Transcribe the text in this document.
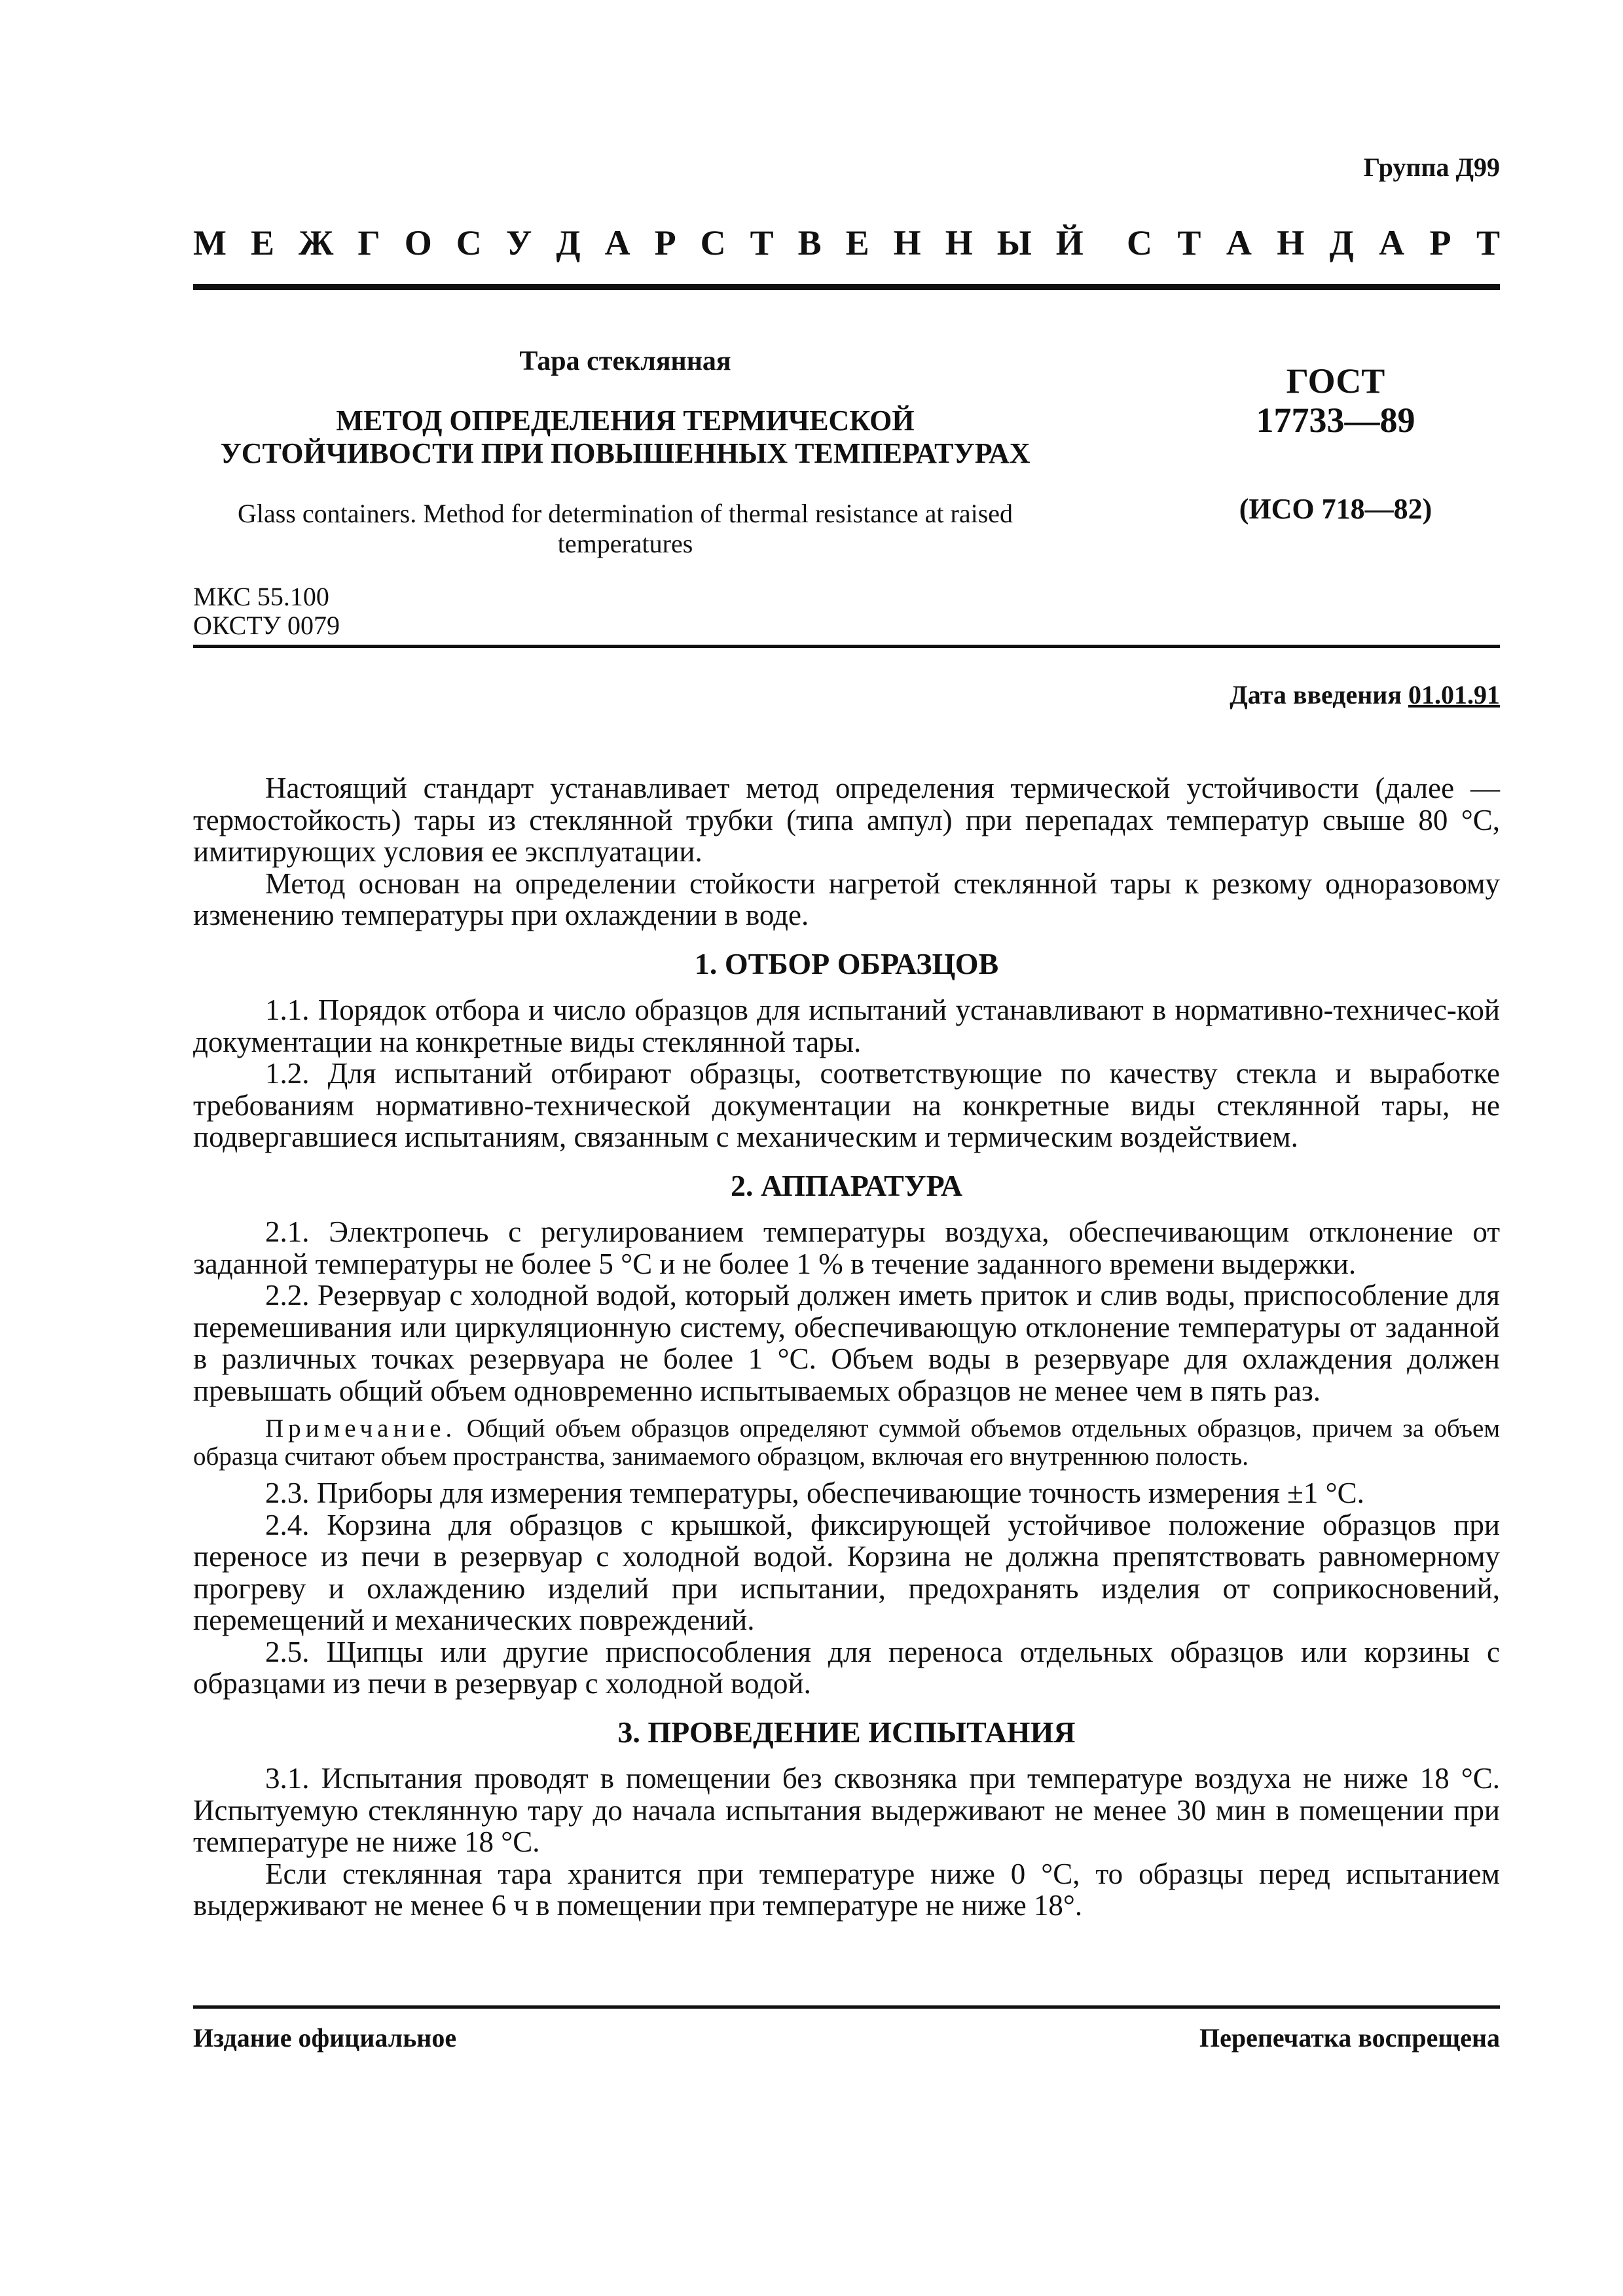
Группа Д99
М Е Ж Г О С У Д А Р С Т В Е Н Н Ы Й С Т А Н Д А Р Т
Тара стеклянная
МЕТОД ОПРЕДЕЛЕНИЯ ТЕРМИЧЕСКОЙ
УСТОЙЧИВОСТИ ПРИ ПОВЫШЕННЫХ ТЕМПЕРАТУРАХ
Glass containers. Method for determination of thermal resistance at raised temperatures
ГОСТ
17733—89
(ИСО 718—82)
МКС 55.100
ОКСТУ 0079
Дата введения 01.01.91

Настоящий стандарт устанавливает метод определения термической устойчивости (далее — термостойкость) тары из стеклянной трубки (типа ампул) при перепадах температур свыше 80 °С, имитирующих условия ее эксплуатации.

Метод основан на определении стойкости нагретой стеклянной тары к резкому одноразовому изменению температуры при охлаждении в воде.

1. ОТБОР ОБРАЗЦОВ

1.1. Порядок отбора и число образцов для испытаний устанавливают в нормативно-техничес-кой документации на конкретные виды стеклянной тары.

1.2. Для испытаний отбирают образцы, соответствующие по качеству стекла и выработке требованиям нормативно-технической документации на конкретные виды стеклянной тары, не подвергавшиеся испытаниям, связанным с механическим и термическим воздействием.

2. АППАРАТУРА

2.1. Электропечь с регулированием температуры воздуха, обеспечивающим отклонение от заданной температуры не более 5 °С и не более 1 % в течение заданного времени выдержки.

2.2. Резервуар с холодной водой, который должен иметь приток и слив воды, приспособление для перемешивания или циркуляционную систему, обеспечивающую отклонение температуры от заданной в различных точках резервуара не более 1 °С. Объем воды в резервуаре для охлаждения должен превышать общий объем одновременно испытываемых образцов не менее чем в пять раз.

Примечание. Общий объем образцов определяют суммой объемов отдельных образцов, причем за объем образца считают объем пространства, занимаемого образцом, включая его внутреннюю полость.

2.3. Приборы для измерения температуры, обеспечивающие точность измерения ±1 °С.

2.4. Корзина для образцов с крышкой, фиксирующей устойчивое положение образцов при переносе из печи в резервуар с холодной водой. Корзина не должна препятствовать равномерному прогреву и охлаждению изделий при испытании, предохранять изделия от соприкосновений, перемещений и механических повреждений.

2.5. Щипцы или другие приспособления для переноса отдельных образцов или корзины с образцами из печи в резервуар с холодной водой.

3. ПРОВЕДЕНИЕ ИСПЫТАНИЯ

3.1. Испытания проводят в помещении без сквозняка при температуре воздуха не ниже 18 °С. Испытуемую стеклянную тару до начала испытания выдерживают не менее 30 мин в помещении при температуре не ниже 18 °С.

Если стеклянная тара хранится при температуре ниже 0 °С, то образцы перед испытанием выдерживают не менее 6 ч в помещении при температуре не ниже 18°.

Издание официальное	Перепечатка воспрещена
